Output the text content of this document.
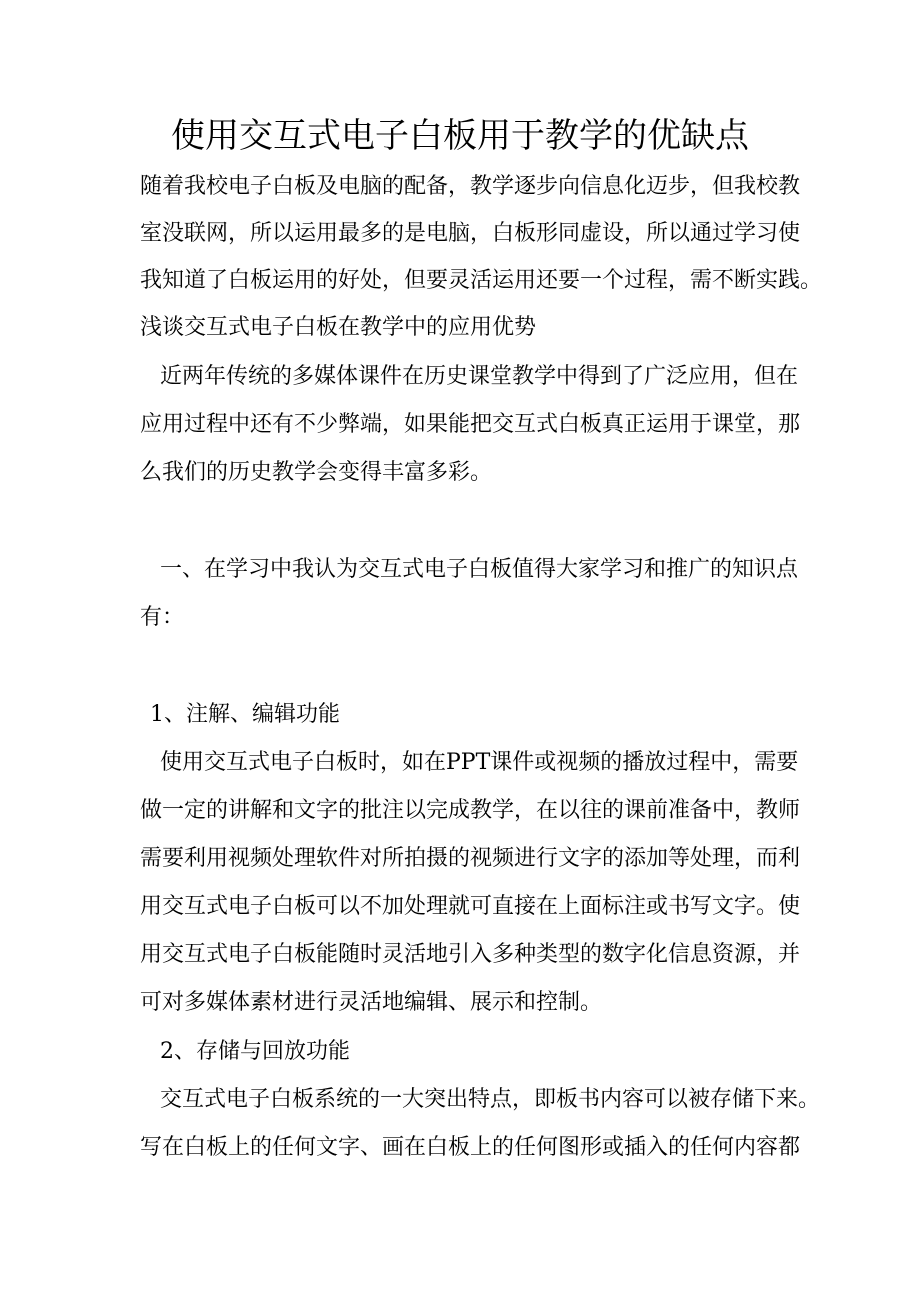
使用交互式电子白板用于教学的优缺点
随着我校电子白板及电脑的配备，教学逐步向信息化迈步，但我校教
室没联网，所以运用最多的是电脑，白板形同虚设，所以通过学习使
我知道了白板运用的好处，但要灵活运用还要一个过程，需不断实践。
浅谈交互式电子白板在教学中的应用优势
近两年传统的多媒体课件在历史课堂教学中得到了广泛应用，但在
应用过程中还有不少弊端，如果能把交互式白板真正运用于课堂，那
么我们的历史教学会变得丰富多彩。
一、在学习中我认为交互式电子白板值得大家学习和推广的知识点
有：
1、注解、编辑功能
使用交互式电子白板时，如在PPT课件或视频的播放过程中，需要
做一定的讲解和文字的批注以完成教学，在以往的课前准备中，教师
需要利用视频处理软件对所拍摄的视频进行文字的添加等处理，而利
用交互式电子白板可以不加处理就可直接在上面标注或书写文字。使
用交互式电子白板能随时灵活地引入多种类型的数字化信息资源，并
可对多媒体素材进行灵活地编辑、展示和控制。
2、存储与回放功能
交互式电子白板系统的一大突出特点，即板书内容可以被存储下来。
写在白板上的任何文字、画在白板上的任何图形或插入的任何内容都
